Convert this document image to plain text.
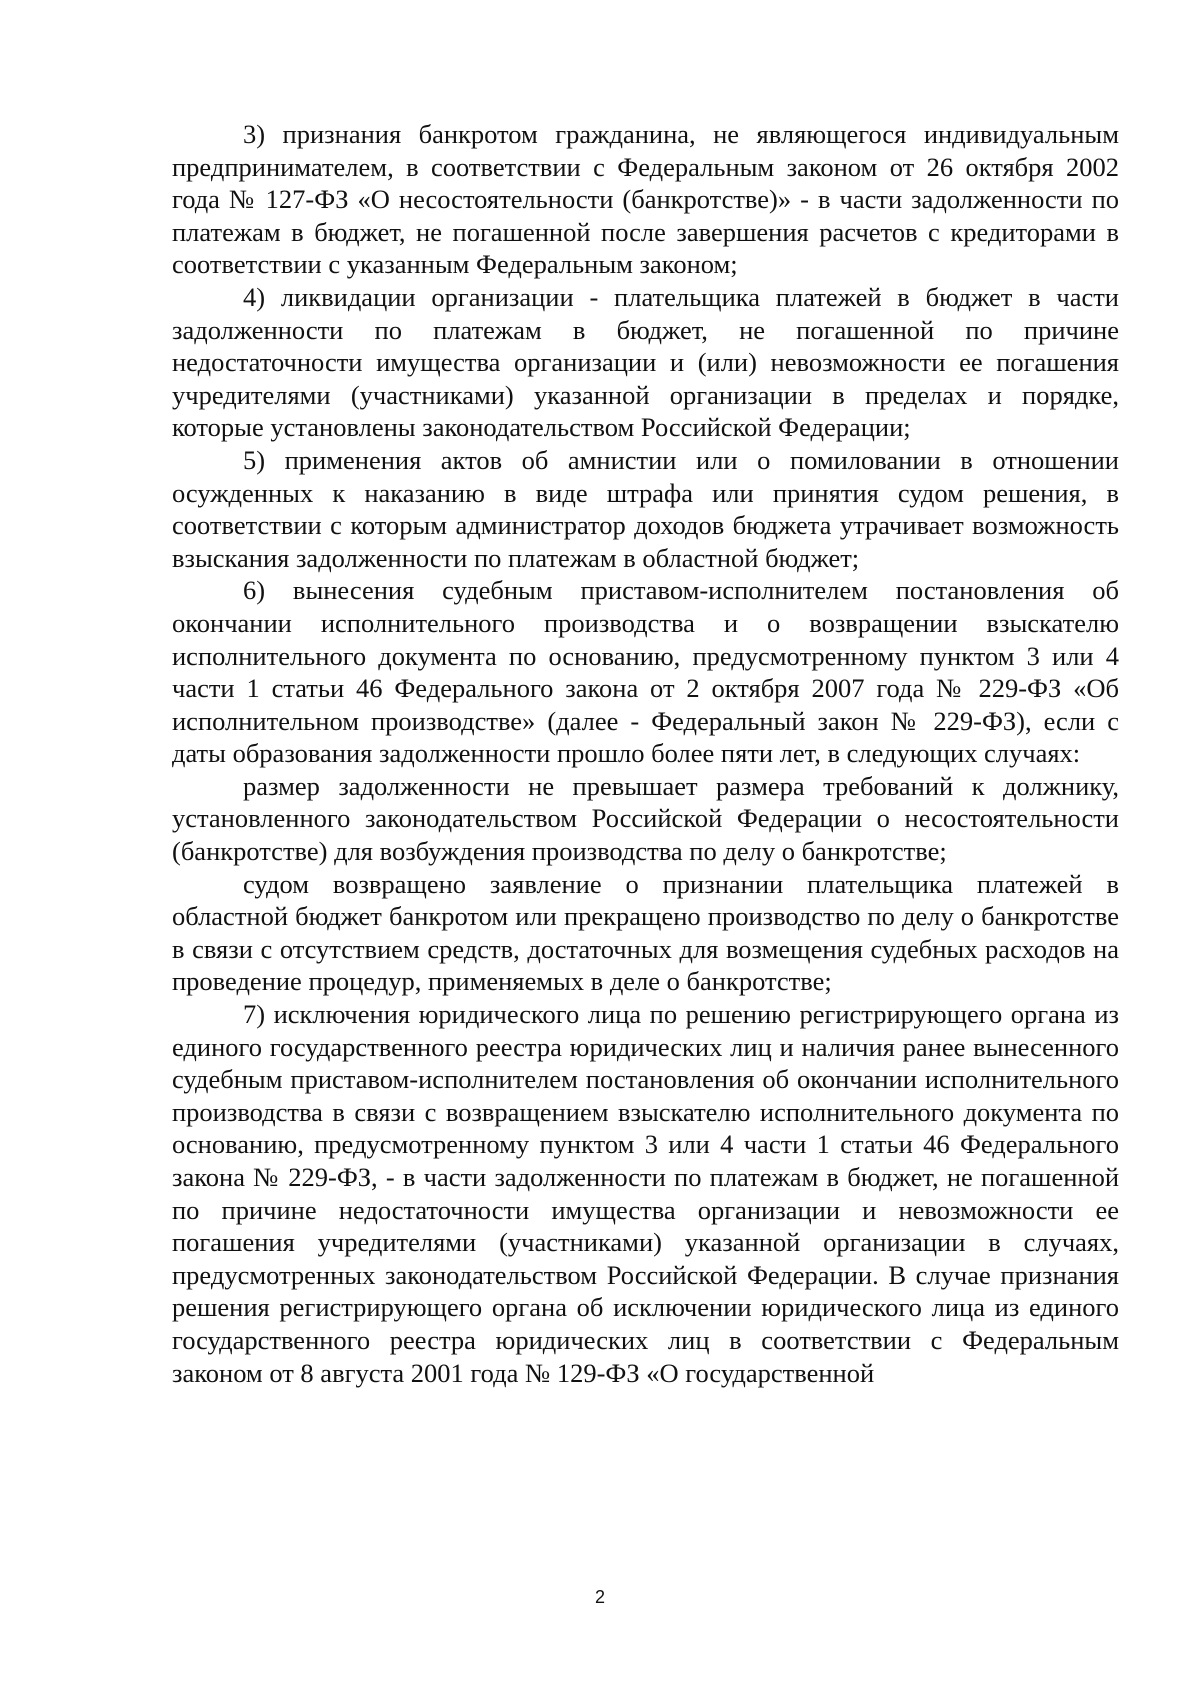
3) признания банкротом гражданина, не являющегося индивидуальным предпринимателем, в соответствии с Федеральным законом от 26 октября 2002 года № 127-ФЗ «О несостоятельности (банкротстве)» - в части задолженности по платежам в бюджет, не погашенной после завершения расчетов с кредиторами в соответствии с указанным Федеральным законом;

4) ликвидации организации - плательщика платежей в бюджет в части задолженности по платежам в бюджет, не погашенной по причине недостаточности имущества организации и (или) невозможности ее погашения учредителями (участниками) указанной организации в пределах и порядке, которые установлены законодательством Российской Федерации;

5) применения актов об амнистии или о помиловании в отношении осужденных к наказанию в виде штрафа или принятия судом решения, в соответствии с которым администратор доходов бюджета утрачивает возможность взыскания задолженности по платежам в областной бюджет;

6) вынесения судебным приставом-исполнителем постановления об окончании исполнительного производства и о возвращении взыскателю исполнительного документа по основанию, предусмотренному пунктом 3 или 4 части 1 статьи 46 Федерального закона от 2 октября 2007 года № 229-ФЗ «Об исполнительном производстве» (далее - Федеральный закон № 229-ФЗ), если с даты образования задолженности прошло более пяти лет, в следующих случаях:

размер задолженности не превышает размера требований к должнику, установленного законодательством Российской Федерации о несостоятельности (банкротстве) для возбуждения производства по делу о банкротстве;

судом возвращено заявление о признании плательщика платежей в областной бюджет банкротом или прекращено производство по делу о банкротстве в связи с отсутствием средств, достаточных для возмещения судебных расходов на проведение процедур, применяемых в деле о банкротстве;

7) исключения юридического лица по решению регистрирующего органа из единого государственного реестра юридических лиц и наличия ранее вынесенного судебным приставом-исполнителем постановления об окончании исполнительного производства в связи с возвращением взыскателю исполнительного документа по основанию, предусмотренному пунктом 3 или 4 части 1 статьи 46 Федерального закона № 229-ФЗ, - в части задолженности по платежам в бюджет, не погашенной по причине недостаточности имущества организации и невозможности ее погашения учредителями (участниками) указанной организации в случаях, предусмотренных законодательством Российской Федерации. В случае признания решения регистрирующего органа об исключении юридического лица из единого государственного реестра юридических лиц в соответствии с Федеральным законом от 8 августа 2001 года № 129-ФЗ «О государственной

2
